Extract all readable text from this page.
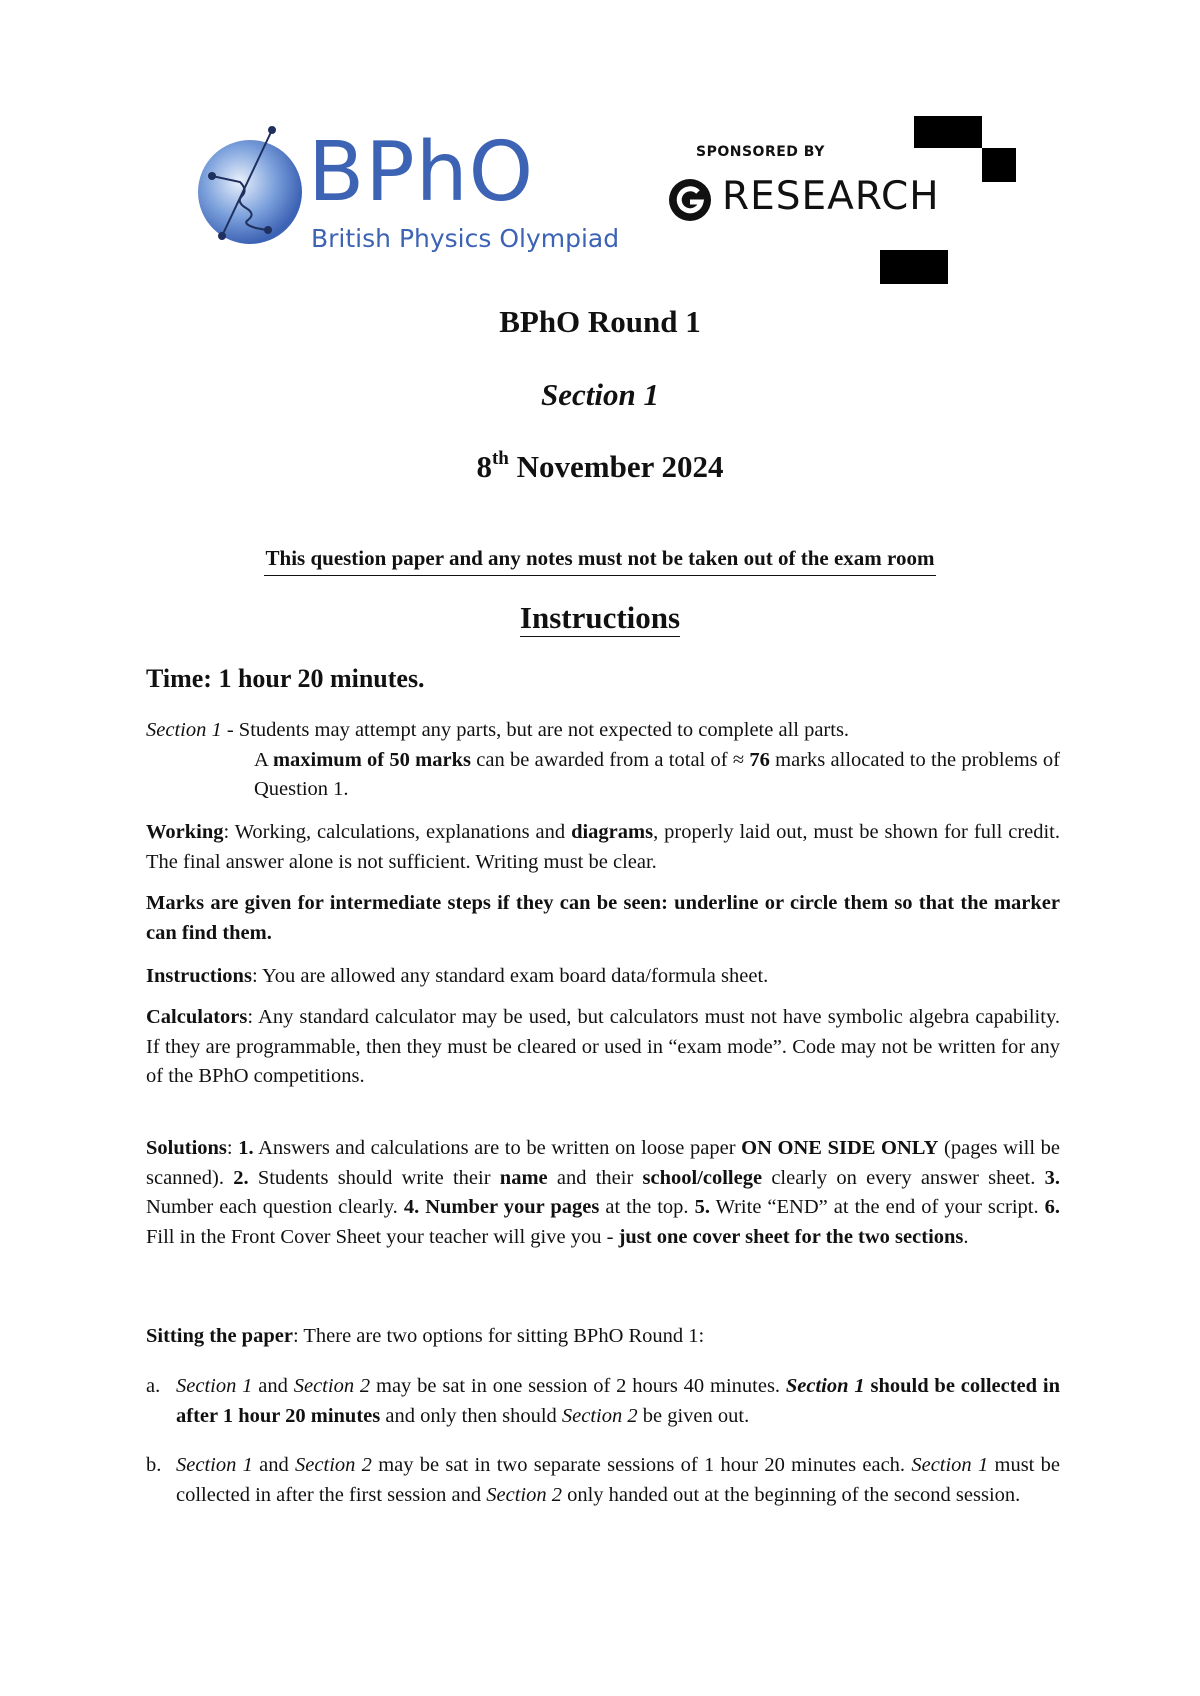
BPhO
British Physics Olympiad
SPONSORED BY
RESEARCH
BPhO Round 1
Section 1
8th November 2024
This question paper and any notes must not be taken out of the exam room
Instructions
Time: 1 hour 20 minutes.
Section 1 - Students may attempt any parts, but are not expected to complete all parts.
A maximum of 50 marks can be awarded from a total of ≈ 76 marks allocated to the problems of Question 1.
Working: Working, calculations, explanations and diagrams, properly laid out, must be shown for full credit. The final answer alone is not sufficient. Writing must be clear.
Marks are given for intermediate steps if they can be seen: underline or circle them so that the marker can find them.
Instructions: You are allowed any standard exam board data/formula sheet.
Calculators: Any standard calculator may be used, but calculators must not have symbolic algebra capability. If they are programmable, then they must be cleared or used in “exam mode”. Code may not be written for any of the BPhO competitions.
Solutions: 1. Answers and calculations are to be written on loose paper ON ONE SIDE ONLY (pages will be scanned). 2. Students should write their name and their school/college clearly on every answer sheet. 3. Number each question clearly. 4. Number your pages at the top. 5. Write “END” at the end of your script. 6. Fill in the Front Cover Sheet your teacher will give you - just one cover sheet for the two sections.
Sitting the paper: There are two options for sitting BPhO Round 1:
a. Section 1 and Section 2 may be sat in one session of 2 hours 40 minutes. Section 1 should be collected in after 1 hour 20 minutes and only then should Section 2 be given out.
b. Section 1 and Section 2 may be sat in two separate sessions of 1 hour 20 minutes each. Section 1 must be collected in after the first session and Section 2 only handed out at the beginning of the second session.
